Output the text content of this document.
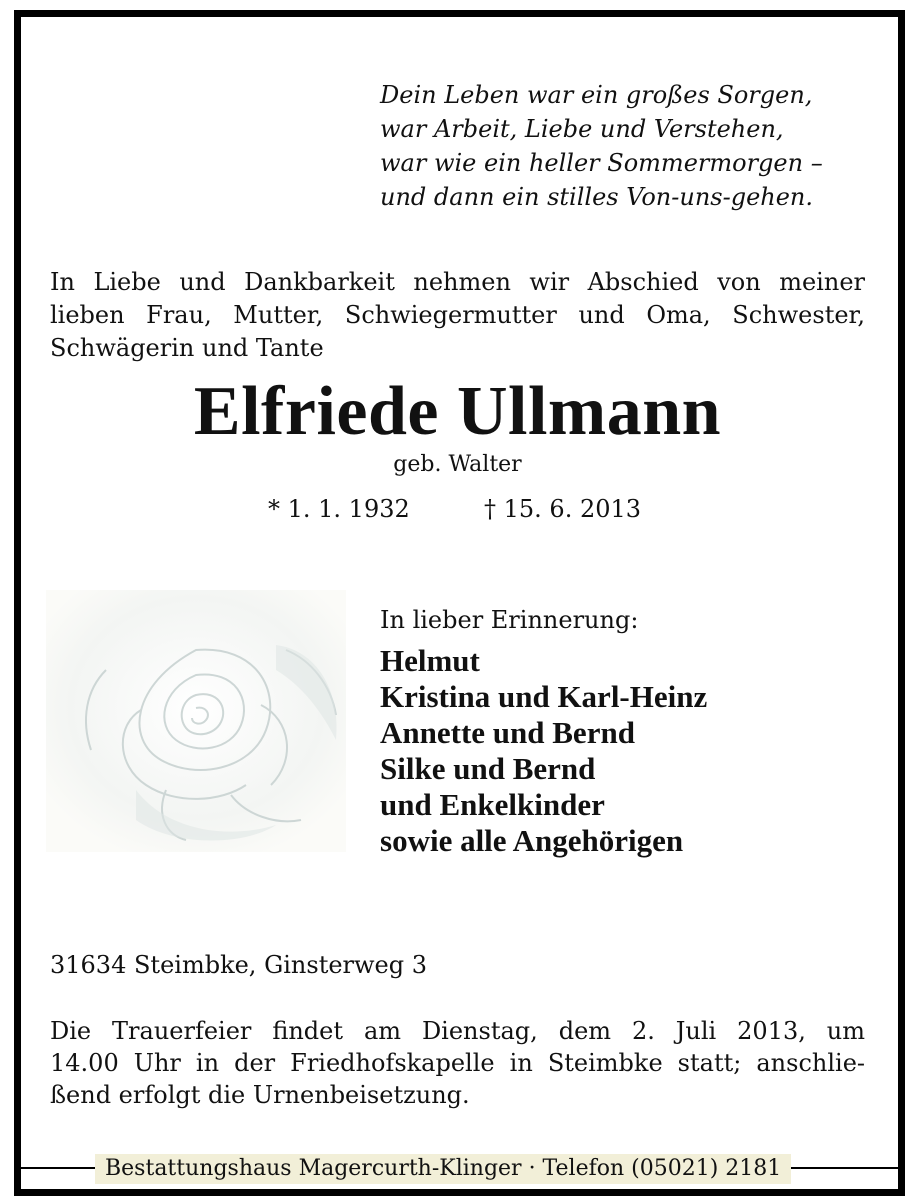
Dein Leben war ein großes Sorgen,
war Arbeit, Liebe und Verstehen,
war wie ein heller Sommermorgen –
und dann ein stilles Von-uns-gehen.
In Liebe und Dankbarkeit nehmen wir Abschied von meiner
lieben Frau, Mutter, Schwiegermutter und Oma, Schwester,
Schwägerin und Tante
Elfriede Ullmann
geb. Walter
* 1. 1. 1932	† 15. 6. 2013
In lieber Erinnerung:
Helmut
Kristina und Karl-Heinz
Annette und Bernd
Silke und Bernd
und Enkelkinder
sowie alle Angehörigen
31634 Steimbke, Ginsterweg 3
Die Trauerfeier findet am Dienstag, dem 2. Juli 2013, um
14.00 Uhr in der Friedhofskapelle in Steimbke statt; anschlie-
ßend erfolgt die Urnenbeisetzung.
Bestattungshaus Magercurth-Klinger · Telefon (05021) 2181
